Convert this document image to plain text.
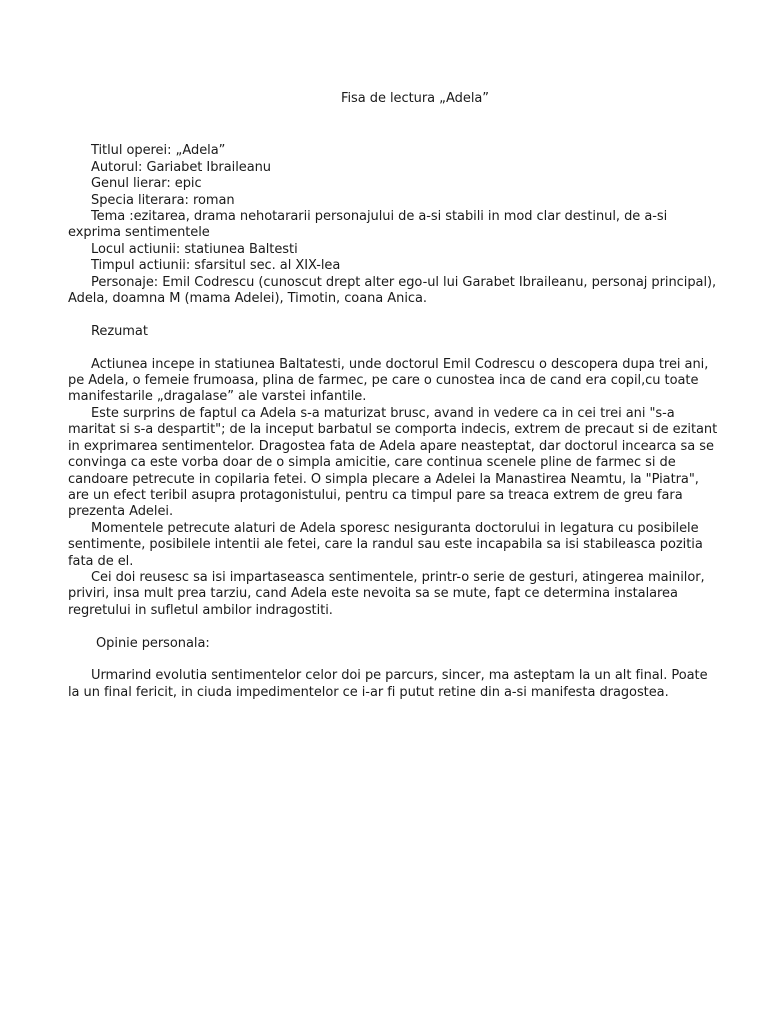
Fisa de lectura „Adela”

Titlul operei: „Adela”

Autorul: Gariabet Ibraileanu

Genul lierar: epic

Specia literara: roman

Tema :ezitarea, drama nehotararii personajului de a-si stabili in mod clar destinul, de a-si exprima sentimentele

Locul actiunii: statiunea Baltesti

Timpul actiunii: sfarsitul sec. al XIX-lea

Personaje: Emil Codrescu (cunoscut drept alter ego-ul lui Garabet Ibraileanu, personaj principal), Adela, doamna M (mama Adelei), Timotin, coana Anica.

Rezumat

Actiunea incepe in statiunea Baltatesti, unde doctorul Emil Codrescu o descopera dupa trei ani, pe Adela, o femeie frumoasa, plina de farmec, pe care o cunostea inca de cand era copil,cu toate manifestarile „dragalase” ale varstei infantile.

Este surprins de faptul ca Adela s-a maturizat brusc, avand in vedere ca in cei trei ani "s-a maritat si s-a despartit"; de la inceput barbatul se comporta indecis, extrem de precaut si de ezitant in exprimarea sentimentelor. Dragostea fata de Adela apare neasteptat, dar doctorul incearca sa se convinga ca este vorba doar de o simpla amicitie, care continua scenele pline de farmec si de candoare petrecute in copilaria fetei. O simpla plecare a Adelei la Manastirea Neamtu, la "Piatra", are un efect teribil asupra protagonistului, pentru ca timpul pare sa treaca extrem de greu fara prezenta Adelei.

Momentele petrecute alaturi de Adela sporesc nesiguranta doctorului in legatura cu posibilele sentimente, posibilele intentii ale fetei, care la randul sau este incapabila sa isi stabileasca pozitia fata de el.

Cei doi reusesc sa isi impartaseasca sentimentele, printr-o serie de gesturi, atingerea mainilor, priviri, insa mult prea tarziu, cand Adela este nevoita sa se mute, fapt ce determina instalarea regretului in sufletul ambilor indragostiti.

Opinie personala:

Urmarind evolutia sentimentelor celor doi pe parcurs, sincer, ma asteptam la un alt final. Poate la un final fericit, in ciuda impedimentelor ce i-ar fi putut retine din a-si manifesta dragostea.
